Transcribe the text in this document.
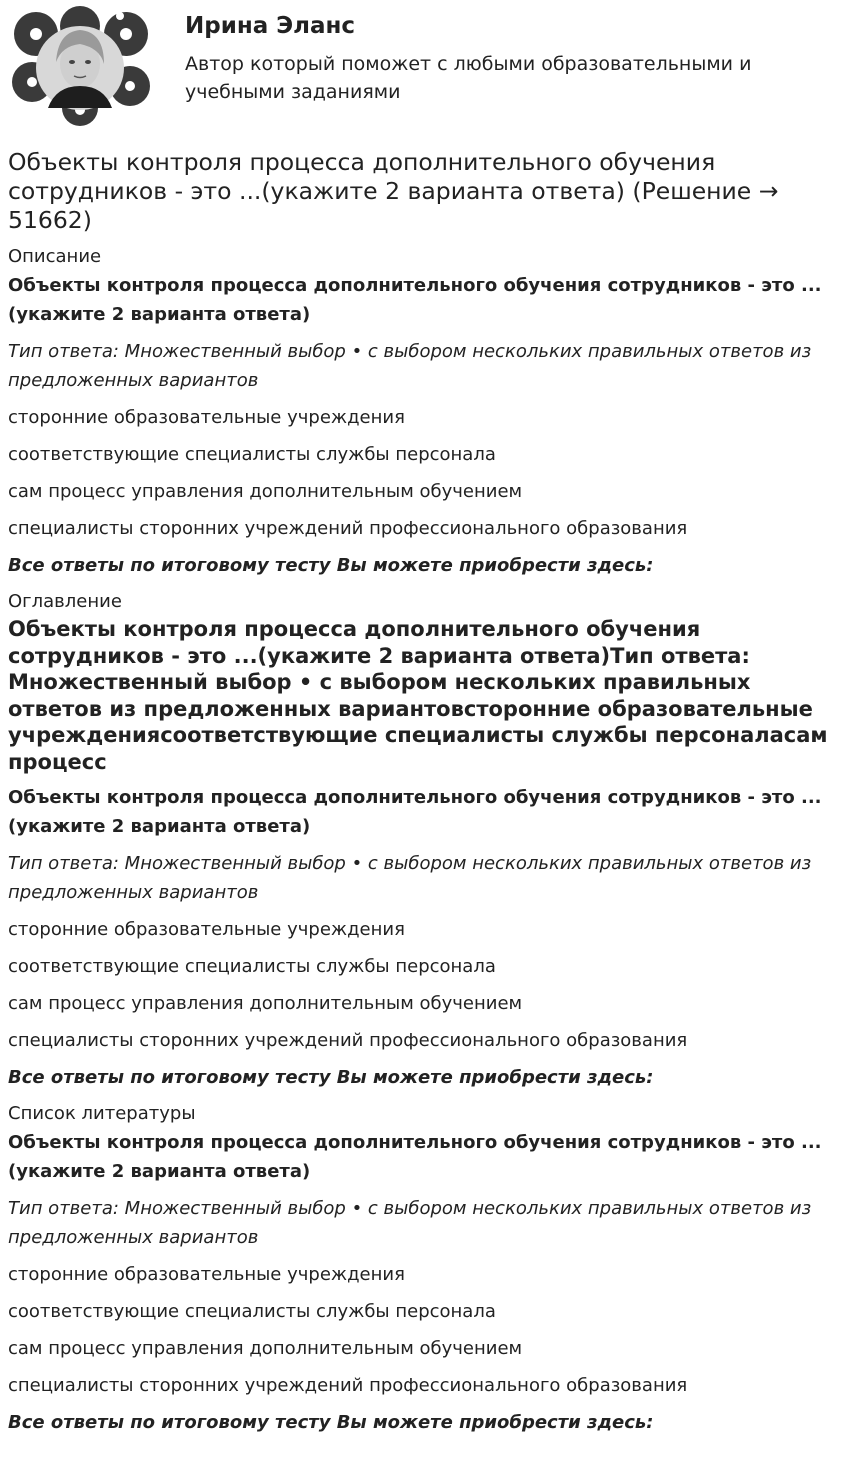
Ирина Эланс

Автор который поможет с любыми образовательными и учебными заданиями

Объекты контроля процесса дополнительного обучения сотрудников - это ...(укажите 2 варианта ответа) (Решение → 51662)
Описание
Объекты контроля процесса дополнительного обучения сотрудников - это ...(укажите 2 варианта ответа)
Тип ответа: Множественный выбор • с выбором нескольких правильных ответов из предложенных вариантов
сторонние образовательные учреждения
соответствующие специалисты службы персонала
сам процесс управления дополнительным обучением
специалисты сторонних учреждений профессионального образования
Все ответы по итоговому тесту Вы можете приобрести здесь:
Оглавление
Объекты контроля процесса дополнительного обучения сотрудников - это ...(укажите 2 варианта ответа)Тип ответа: Множественный выбор • с выбором нескольких правильных ответов из предложенных вариантовсторонние образовательные учрежденияcоответствующие специалисты службы персоналасам процесс
Объекты контроля процесса дополнительного обучения сотрудников - это ...(укажите 2 варианта ответа)
Тип ответа: Множественный выбор • с выбором нескольких правильных ответов из предложенных вариантов
сторонние образовательные учреждения
соответствующие специалисты службы персонала
сам процесс управления дополнительным обучением
специалисты сторонних учреждений профессионального образования
Все ответы по итоговому тесту Вы можете приобрести здесь:
Список литературы
Объекты контроля процесса дополнительного обучения сотрудников - это ...(укажите 2 варианта ответа)
Тип ответа: Множественный выбор • с выбором нескольких правильных ответов из предложенных вариантов
сторонние образовательные учреждения
соответствующие специалисты службы персонала
сам процесс управления дополнительным обучением
специалисты сторонних учреждений профессионального образования
Все ответы по итоговому тесту Вы можете приобрести здесь:
